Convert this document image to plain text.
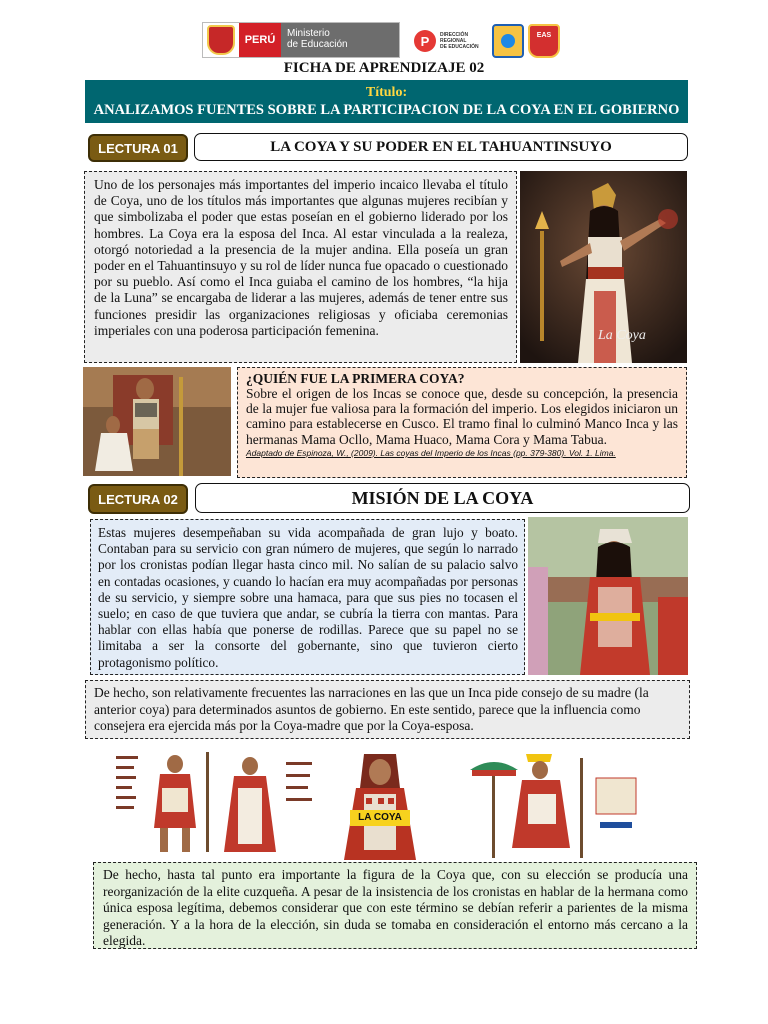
PERÚ
Ministerio
de Educación	P	DIRECCIÓN
REGIONAL
DE EDUCACIÓN
EAS
FICHA DE APRENDIZAJE 02
Título:
ANALIZAMOS FUENTES SOBRE LA PARTICIPACION DE LA COYA EN EL GOBIERNO
LECTURA 01	LA COYA Y SU PODER EN EL TAHUANTINSUYO
Uno de los personajes más importantes del imperio incaico llevaba el título de Coya, uno de los títulos más importantes que algunas mujeres recibían y que simbolizaba el poder que estas poseían en el gobierno liderado por los hombres. La Coya era la esposa del Inca. Al estar vinculada a la realeza, otorgó notoriedad a la presencia de la mujer andina. Ella poseía un gran poder en el Tahuantinsuyo y su rol de líder nunca fue opacado o cuestionado por su pueblo. Así como el Inca guiaba el camino de los hombres, “la hija de la Luna” se encargaba de liderar a las mujeres, además de tener entre sus funciones presidir las organizaciones religiosas y oficiaba ceremonias imperiales con una poderosa participación femenina.	La Coya
¿QUIÉN FUE LA PRIMERA COYA?
Sobre el origen de los Incas se conoce que, desde su concepción, la presencia de la mujer fue valiosa para la formación del imperio. Los elegidos iniciaron un camino para establecerse en Cusco. El tramo final lo culminó Manco Inca y las hermanas Mama Ocllo, Mama Huaco, Mama Cora y Mama Tabua.
Adaptado de Espinoza, W., (2009). Las coyas del Imperio de los Incas (pp. 379-380). Vol. 1. Lima.
LECTURA 02	MISIÓN DE LA COYA
Estas mujeres desempeñaban su vida acompañada de gran lujo y boato. Contaban para su servicio con gran número de mujeres, que según lo narrado por los cronistas podían llegar hasta cinco mil. No salían de su palacio salvo en contadas ocasiones, y cuando lo hacían era muy acompañadas por personas de su servicio, y siempre sobre una hamaca, para que sus pies no tocasen el suelo; en caso de que tuviera que andar, se cubría la tierra con mantas. Para hablar con ellas había que ponerse de rodillas. Parece que su papel no se limitaba a ser la consorte del gobernante, sino que tuvieron cierto protagonismo político.
De hecho, son relativamente frecuentes las narraciones en las que un Inca pide consejo de su madre (la anterior coya) para determinados asuntos de gobierno. En este sentido, parece que la influencia como consejera era ejercida más por la Coya-madre que por la Coya-esposa.
LA COYA
De hecho, hasta tal punto era importante la figura de la Coya que, con su elección se producía una reorganización de la elite cuzqueña. A pesar de la insistencia de los cronistas en hablar de la hermana como única esposa legítima, debemos considerar que con este término se debían referir a parientes de la misma generación. Y a la hora de la elección, sin duda se tomaba en consideración el entorno más cercano a la elegida.
